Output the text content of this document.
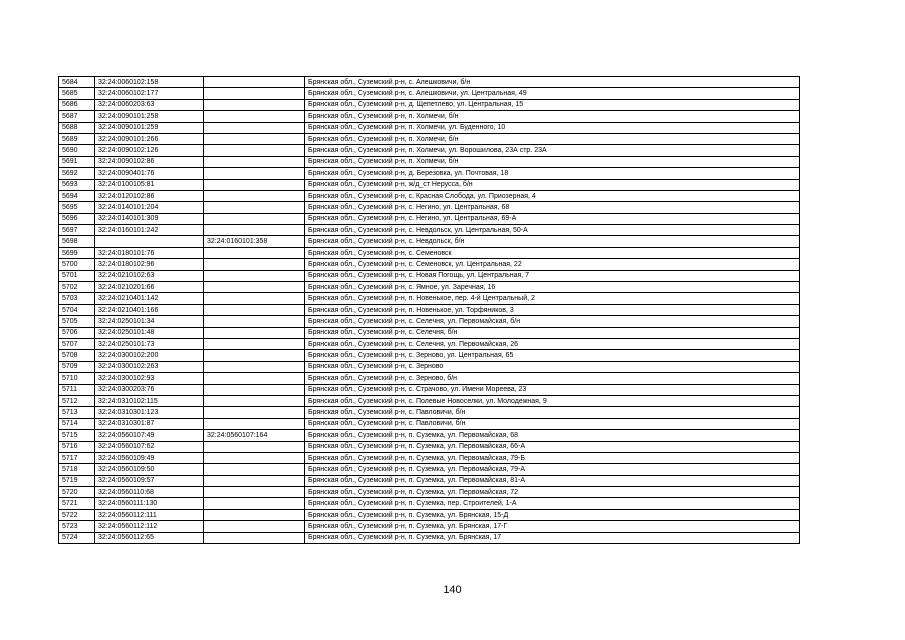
5684	32:24:0060102:158		Брянская обл., Суземский р-н, с. Алешковичи, б/н
5685	32:24:0060102:177		Брянская обл., Суземский р-н, с. Алешковичи, ул. Центральная, 49
5686	32:24:0060203:63		Брянская обл., Суземский р-н, д. Щепетлево, ул. Центральная, 15
5687	32:24:0090101:258		Брянская обл., Суземский р-н, п. Холмечи, б/н
5688	32:24:0090101:259		Брянская обл., Суземский р-н, п. Холмечи, ул. Буденного, 10
5689	32:24:0090101:266		Брянская обл., Суземский р-н, п. Холмечи, б/н
5690	32:24:0090102:126		Брянская обл., Суземский р-н, п. Холмечи, ул. Ворошилова, 23А стр. 23А
5691	32:24:0090102:86		Брянская обл., Суземский р-н, п. Холмечи, б/н
5692	32:24:0090401:76		Брянская обл., Суземский р-н, д. Березовка, ул. Почтовая, 18
5693	32:24:0100105:81		Брянская обл., Суземский р-н, ж/д_ст Нерусса, б/н
5694	32:24:0120102:86		Брянская обл., Суземский р-н, с. Красная Слобода, ул. Приозерная, 4
5695	32:24:0140101:204		Брянская обл., Суземский р-н, с. Негино, ул. Центральная, 68
5696	32:24:0140101:309		Брянская обл., Суземский р-н, с. Негино, ул. Центральная, 69-А
5697	32:24:0160101:242		Брянская обл., Суземский р-н, с. Невдольск, ул. Центральная, 50-А
5698		32:24:0160101:358	Брянская обл., Суземский р-н, с. Невдольск, б/н
5699	32:24:0180101:76		Брянская обл., Суземский р-н, с. Семеновск
5700	32:24:0180102:96		Брянская обл., Суземский р-н, с. Семеновск, ул. Центральная, 22
5701	32:24:0210102:63		Брянская обл., Суземский р-н, с. Новая Погощь, ул. Центральная, 7
5702	32:24:0210201:66		Брянская обл., Суземский р-н, с. Ямное, ул. Заречная, 16
5703	32:24:0210401:142		Брянская обл., Суземский р-н, п. Новенькое, пер. 4-й Центральный, 2
5704	32:24:0210401:166		Брянская обл., Суземский р-н, п. Новенькое, ул. Торфяников, 3
5705	32:24:0250101:34		Брянская обл., Суземский р-н, с. Селечня, ул. Первомайская, б/н
5706	32:24:0250101:48		Брянская обл., Суземский р-н, с. Селечня, б/н
5707	32:24:0250101:73		Брянская обл., Суземский р-н, с. Селечня, ул. Первомайская, 26
5708	32:24:0300102:200		Брянская обл., Суземский р-н, с. Зерново, ул. Центральная, 65
5709	32:24:0300102:263		Брянская обл., Суземский р-н, с. Зерново
5710	32:24:0300102:93		Брянская обл., Суземский р-н, с. Зерново, б/н
5711	32:24:0300203:76		Брянская обл., Суземский р-н, с. Страчово, ул. Имени Мореева, 23
5712	32:24:0310102:115		Брянская обл., Суземский р-н, с. Полевые Новоселки, ул. Молодежная, 9
5713	32:24:0310301:123		Брянская обл., Суземский р-н, с. Павловичи, б/н
5714	32:24:0310301:87		Брянская обл., Суземский р-н, с. Павловичи, б/н
5715	32:24:0560107:49	32:24:0560107:164	Брянская обл., Суземский р-н, п. Суземка, ул. Первомайская, 68
5716	32:24:0560107:62		Брянская обл., Суземский р-н, п. Суземка, ул. Первомайская, 66-А
5717	32:24:0560109:49		Брянская обл., Суземский р-н, п. Суземка, ул. Первомайская, 79-Б
5718	32:24:0560109:50		Брянская обл., Суземский р-н, п. Суземка, ул. Первомайская, 79-А
5719	32:24:0560109:57		Брянская обл., Суземский р-н, п. Суземка, ул. Первомайская, 81-А
5720	32:24:0560110:68		Брянская обл., Суземский р-н, п. Суземка, ул. Первомайская, 72
5721	32:24:0560111:130		Брянская обл., Суземский р-н, п. Суземка, пер. Строителей, 1-А
5722	32:24:0560112:111		Брянская обл., Суземский р-н, п. Суземка, ул. Брянская, 15-Д
5723	32:24:0560112:112		Брянская обл., Суземский р-н, п. Суземка, ул. Брянская, 17-Г
5724	32:24:0560112:65		Брянская обл., Суземский р-н, п. Суземка, ул. Брянская, 17
140
